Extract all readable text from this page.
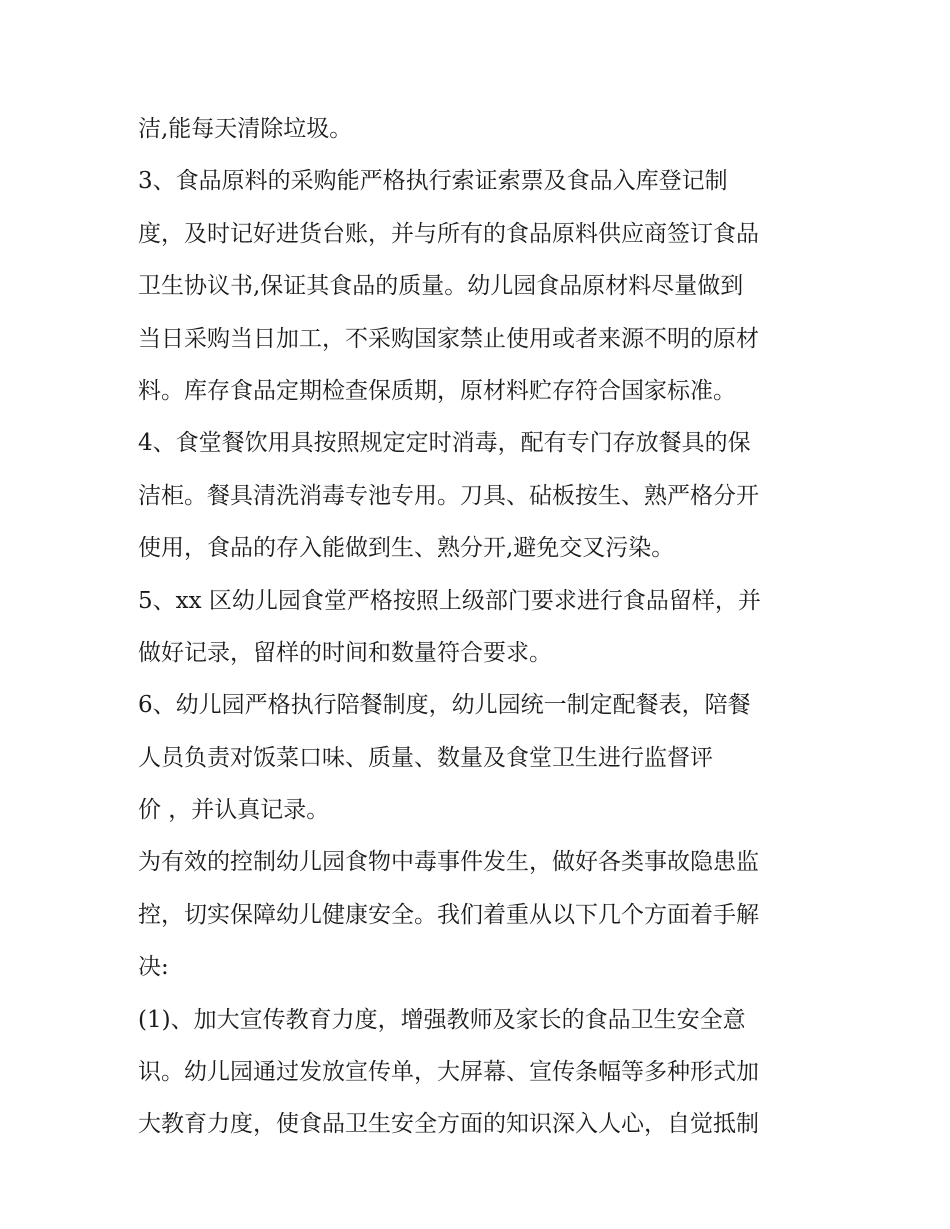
洁,能每天清除垃圾。
3、食品原料的采购能严格执行索证索票及食品入库登记制
度，及时记好进货台账，并与所有的食品原料供应商签订食品
卫生协议书,保证其食品的质量。幼儿园食品原材料尽量做到
当日采购当日加工，不采购国家禁止使用或者来源不明的原材
料。库存食品定期检查保质期，原材料贮存符合国家标准。
4、食堂餐饮用具按照规定定时消毒，配有专门存放餐具的保
洁柜。餐具清洗消毒专池专用。刀具、砧板按生、熟严格分开
使用，食品的存入能做到生、熟分开,避免交叉污染。
5、xx 区幼儿园食堂严格按照上级部门要求进行食品留样，并
做好记录，留样的时间和数量符合要求。
6、幼儿园严格执行陪餐制度，幼儿园统一制定配餐表，陪餐
人员负责对饭菜口味、质量、数量及食堂卫生进行监督评
价 ，并认真记录。
为有效的控制幼儿园食物中毒事件发生，做好各类事故隐患监
控，切实保障幼儿健康安全。我们着重从以下几个方面着手解
决:
(1)、加大宣传教育力度，增强教师及家长的食品卫生安全意
识。幼儿园通过发放宣传单，大屏幕、宣传条幅等多种形式加
大教育力度，使食品卫生安全方面的知识深入人心，自觉抵制
